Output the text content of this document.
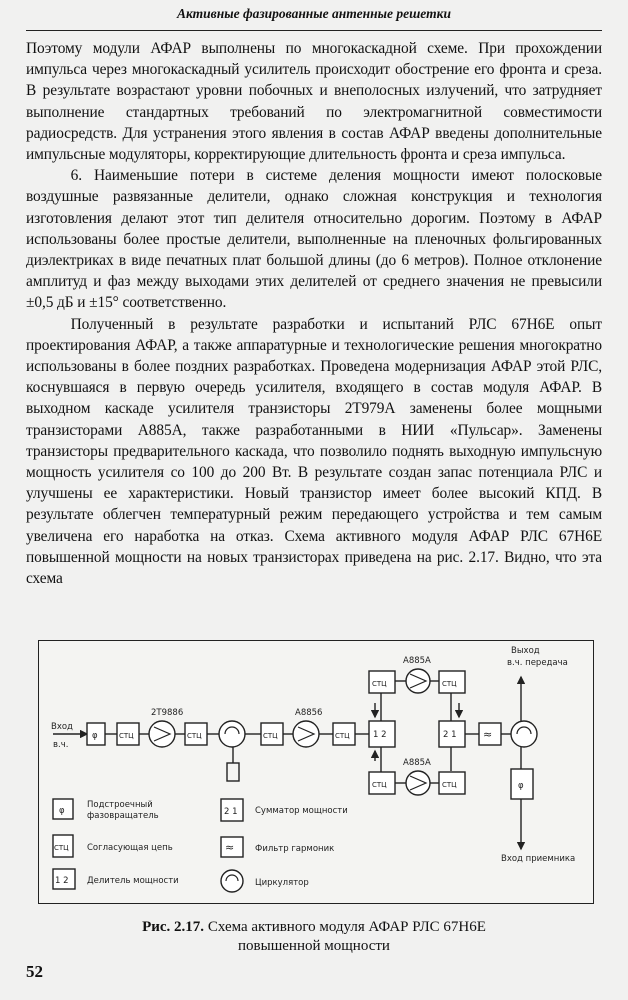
Активные фазированные антенные решетки

Поэтому модули АФАР выполнены по многокаскадной схеме. При прохождении импульса через многокаскадный усилитель происходит обострение его фронта и среза. В результате возрастают уровни побочных и внеполосных излучений, что затрудняет выполнение стандартных требований по электромагнитной совместимости радиосредств. Для устранения этого явления в состав АФАР введены дополнительные импульсные модуляторы, корректирующие длительность фронта и среза импульса.

6. Наименьшие потери в системе деления мощности имеют полосковые воздушные развязанные делители, однако сложная конструкция и технология изготовления делают этот тип делителя относительно дорогим. Поэтому в АФАР использованы более простые делители, выполненные на пленочных фольгированных диэлектриках в виде печатных плат большой длины (до 6 метров). Полное отклонение амплитуд и фаз между выходами этих делителей от среднего значения не превысили ±0,5 дБ и ±15° соответственно.

Полученный в результате разработки и испытаний РЛС 67Н6Е опыт проектирования АФАР, а также аппаратурные и технологические решения многократно использованы в более поздних разработках. Проведена модернизация АФАР этой РЛС, коснувшаяся в первую очередь усилителя, входящего в состав модуля АФАР. В выходном каскаде усилителя транзисторы 2Т979А заменены более мощными транзисторами А885А, также разработанными в НИИ «Пульсар». Заменены транзисторы предварительного каскада, что позволило поднять выходную импульсную мощность усилителя со 100 до 200 Вт. В результате создан запас потенциала РЛС и улучшены ее характеристики. Новый транзистор имеет более высокий КПД. В результате облегчен температурный режим передающего устройства и тем самым увеличена его наработка на отказ. Схема активного модуля АФАР РЛС 67Н6Е повышенной мощности на новых транзисторах приведена на рис. 2.17. Видно, что эта схема

Вход
в.ч.
φ	СТЦ
2Т9886
СТЦ	СТЦ
А8856
СТЦ	1 2
СТЦ
А885А
СТЦ
СТЦ
А885А
СТЦ
2 1 ≈
Выход
в.ч. передача
φ
Вход приемника
φ
Подстроечный
фазовращатель
СТЦ Согласующая цепь
1 2 Делитель мощности
2 1 Сумматор мощности
≈ Фильтр гармоник
Циркулятор
Рис. 2.17. Схема активного модуля АФАР РЛС 67Н6Е
повышенной мощности
52
